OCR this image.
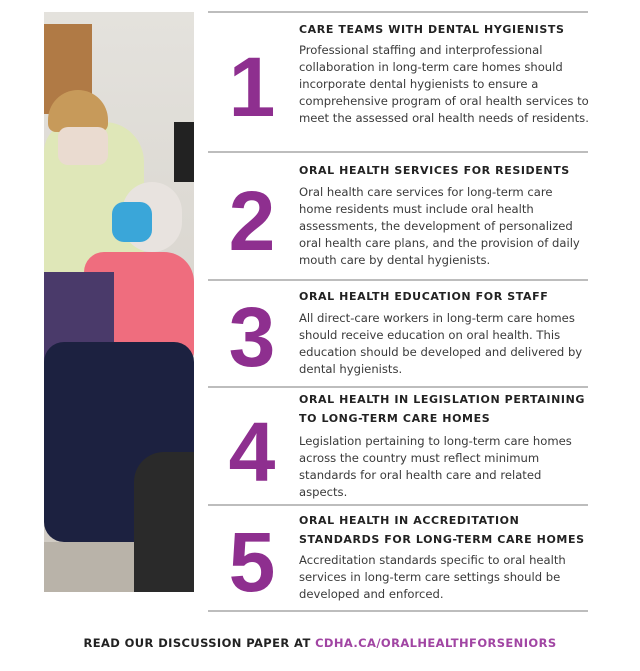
1
CARE TEAMS WITH DENTAL HYGIENISTS
Professional staffing and interprofessional collaboration in long-term care homes should incorporate dental hygienists to ensure a comprehensive program of oral health services to meet the assessed oral health needs of residents.
2
ORAL HEALTH SERVICES FOR RESIDENTS
Oral health care services for long-term care home residents must include oral health assessments, the development of personalized oral health care plans, and the provision of daily mouth care by dental hygienists.
3	ORAL HEALTH EDUCATION FOR STAFF
All direct-care workers in long-term care homes should receive education on oral health. This education should be developed and delivered by dental hygienists.
4
ORAL HEALTH IN LEGISLATION PERTAINING TO LONG-TERM CARE HOMES
Legislation pertaining to long-term care homes across the country must reflect minimum standards for oral health care and related aspects.
5	ORAL HEALTH IN ACCREDITATION STANDARDS FOR LONG-TERM CARE HOMES
Accreditation standards specific to oral health services in long-term care settings should be developed and enforced.
READ OUR DISCUSSION PAPER AT CDHA.CA/ORALHEALTHFORSENIORS
